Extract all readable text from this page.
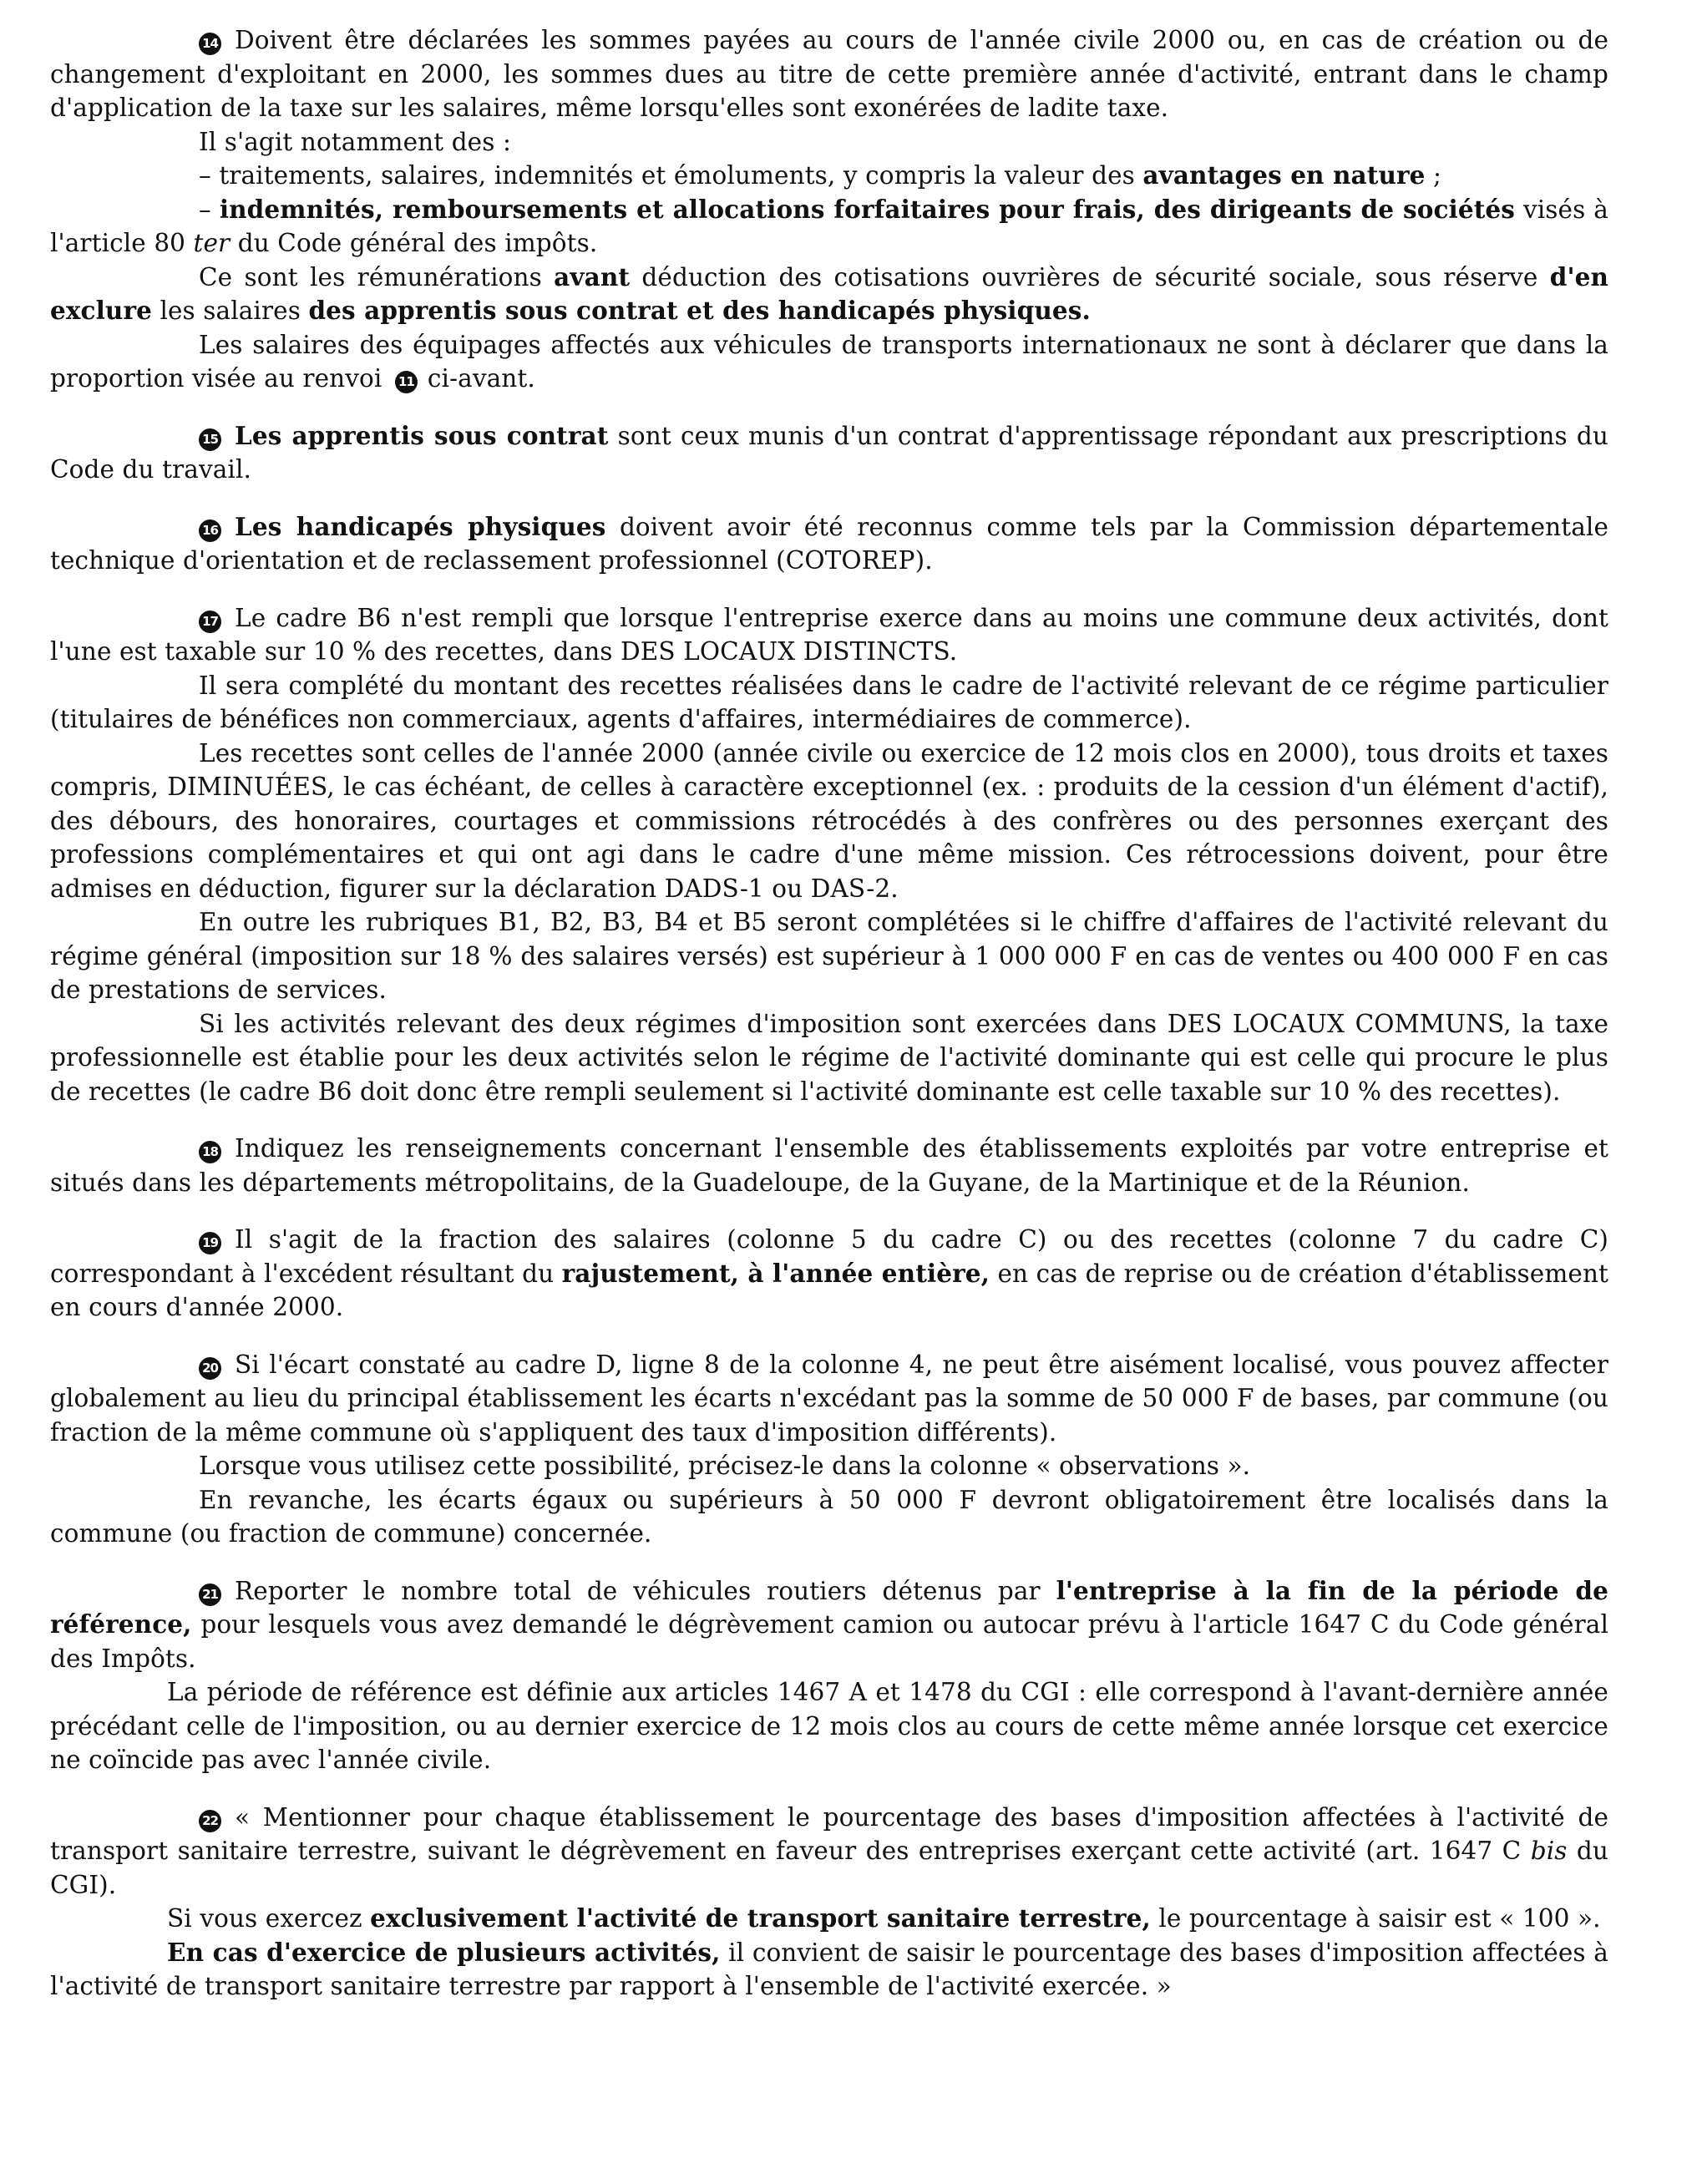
14 Doivent être déclarées les sommes payées au cours de l'année civile 2000 ou, en cas de création ou de changement d'exploitant en 2000, les sommes dues au titre de cette première année d'activité, entrant dans le champ d'application de la taxe sur les salaires, même lorsqu'elles sont exonérées de ladite taxe.

Il s'agit notamment des :

– traitements, salaires, indemnités et émoluments, y compris la valeur des avantages en nature ;

– indemnités, remboursements et allocations forfaitaires pour frais, des dirigeants de sociétés visés à l'article 80 ter du Code général des impôts.

Ce sont les rémunérations avant déduction des cotisations ouvrières de sécurité sociale, sous réserve d'en exclure les salaires des apprentis sous contrat et des handicapés physiques.

Les salaires des équipages affectés aux véhicules de transports internationaux ne sont à déclarer que dans la proportion visée au renvoi 11 ci-avant.

15 Les apprentis sous contrat sont ceux munis d'un contrat d'apprentissage répondant aux prescriptions du Code du travail.

16 Les handicapés physiques doivent avoir été reconnus comme tels par la Commission départementale technique d'orientation et de reclassement professionnel (COTOREP).

17 Le cadre B6 n'est rempli que lorsque l'entreprise exerce dans au moins une commune deux activités, dont l'une est taxable sur 10 % des recettes, dans DES LOCAUX DISTINCTS.

Il sera complété du montant des recettes réalisées dans le cadre de l'activité relevant de ce régime particulier (titulaires de bénéfices non commerciaux, agents d'affaires, intermédiaires de commerce).

Les recettes sont celles de l'année 2000 (année civile ou exercice de 12 mois clos en 2000), tous droits et taxes compris, DIMINUÉES, le cas échéant, de celles à caractère exceptionnel (ex. : produits de la cession d'un élément d'actif), des débours, des honoraires, courtages et commissions rétrocédés à des confrères ou des personnes exerçant des professions complémentaires et qui ont agi dans le cadre d'une même mission. Ces rétrocessions doivent, pour être admises en déduction, figurer sur la déclaration DADS-1 ou DAS-2.

En outre les rubriques B1, B2, B3, B4 et B5 seront complétées si le chiffre d'affaires de l'activité relevant du régime général (imposition sur 18 % des salaires versés) est supérieur à 1 000 000 F en cas de ventes ou 400 000 F en cas de prestations de services.

Si les activités relevant des deux régimes d'imposition sont exercées dans DES LOCAUX COMMUNS, la taxe professionnelle est établie pour les deux activités selon le régime de l'activité dominante qui est celle qui procure le plus de recettes (le cadre B6 doit donc être rempli seulement si l'activité dominante est celle taxable sur 10 % des recettes).

18 Indiquez les renseignements concernant l'ensemble des établissements exploités par votre entreprise et situés dans les départements métropolitains, de la Guadeloupe, de la Guyane, de la Martinique et de la Réunion.

19 Il s'agit de la fraction des salaires (colonne 5 du cadre C) ou des recettes (colonne 7 du cadre C) correspondant à l'excédent résultant du rajustement, à l'année entière, en cas de reprise ou de création d'établissement en cours d'année 2000.

20 Si l'écart constaté au cadre D, ligne 8 de la colonne 4, ne peut être aisément localisé, vous pouvez affecter globalement au lieu du principal établissement les écarts n'excédant pas la somme de 50 000 F de bases, par commune (ou fraction de la même commune où s'appliquent des taux d'imposition différents).

Lorsque vous utilisez cette possibilité, précisez-le dans la colonne « observations ».

En revanche, les écarts égaux ou supérieurs à 50 000 F devront obligatoirement être localisés dans la commune (ou fraction de commune) concernée.

21 Reporter le nombre total de véhicules routiers détenus par l'entreprise à la fin de la période de référence, pour lesquels vous avez demandé le dégrèvement camion ou autocar prévu à l'article 1647 C du Code général des Impôts.

La période de référence est définie aux articles 1467 A et 1478 du CGI : elle correspond à l'avant-dernière année précédant celle de l'imposition, ou au dernier exercice de 12 mois clos au cours de cette même année lorsque cet exercice ne coïncide pas avec l'année civile.

22 « Mentionner pour chaque établissement le pourcentage des bases d'imposition affectées à l'activité de transport sanitaire terrestre, suivant le dégrèvement en faveur des entreprises exerçant cette activité (art. 1647 C bis du CGI).

Si vous exercez exclusivement l'activité de transport sanitaire terrestre, le pourcentage à saisir est « 100 ».

En cas d'exercice de plusieurs activités, il convient de saisir le pourcentage des bases d'imposition affectées à l'activité de transport sanitaire terrestre par rapport à l'ensemble de l'activité exercée. »
